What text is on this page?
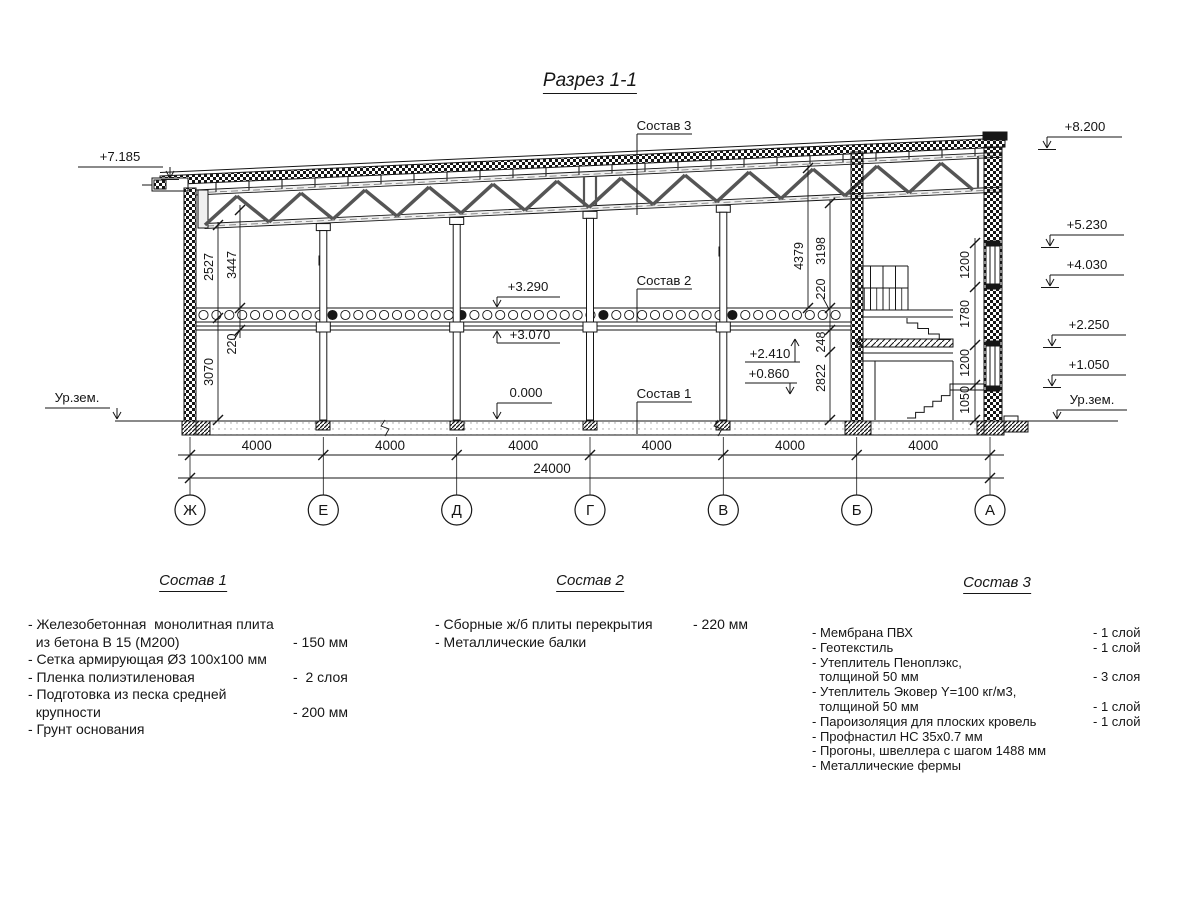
4000	4000	4000	4000	4000	4000
24000
2527 3447
220
3070
4379 3198
220
248
2822
1200
1780
1200
1050
Ж	Е	Д	Г	В	Б	А
+7.185
Ур.зем.
+8.200
+5.230
+4.030
+2.250
+1.050
Ур.зем.
+3.290
+3.070
0.000
+2.410
+0.860
Состав 3
Состав 2
Состав 1
Разрез 1-1
Состав 1	Состав 2	Состав 3
- Железобетонная  монолитная плита
из бетона В 15 (М200)	- 150 мм
- Сетка армирующая Ø3 100х100 мм
- Пленка полиэтиленовая	-  2 слоя
- Подготовка из песка средней
крупности	- 200 мм
- Грунт основания
- Сборные ж/б плиты перекрытия	- 220 мм
- Металлические балки
- Мембрана ПВХ	- 1 слой
- Геотекстиль	- 1 слой
- Утеплитель Пеноплэкс,
толщиной 50 мм	- 3 слоя
- Утеплитель Эковер Y=100 кг/м3,
толщиной 50 мм	- 1 слой
- Пароизоляция для плоских кровель	- 1 слой
- Профнастил НС 35х0.7 мм
- Прогоны, швеллера с шагом 1488 мм
- Металлические фермы
